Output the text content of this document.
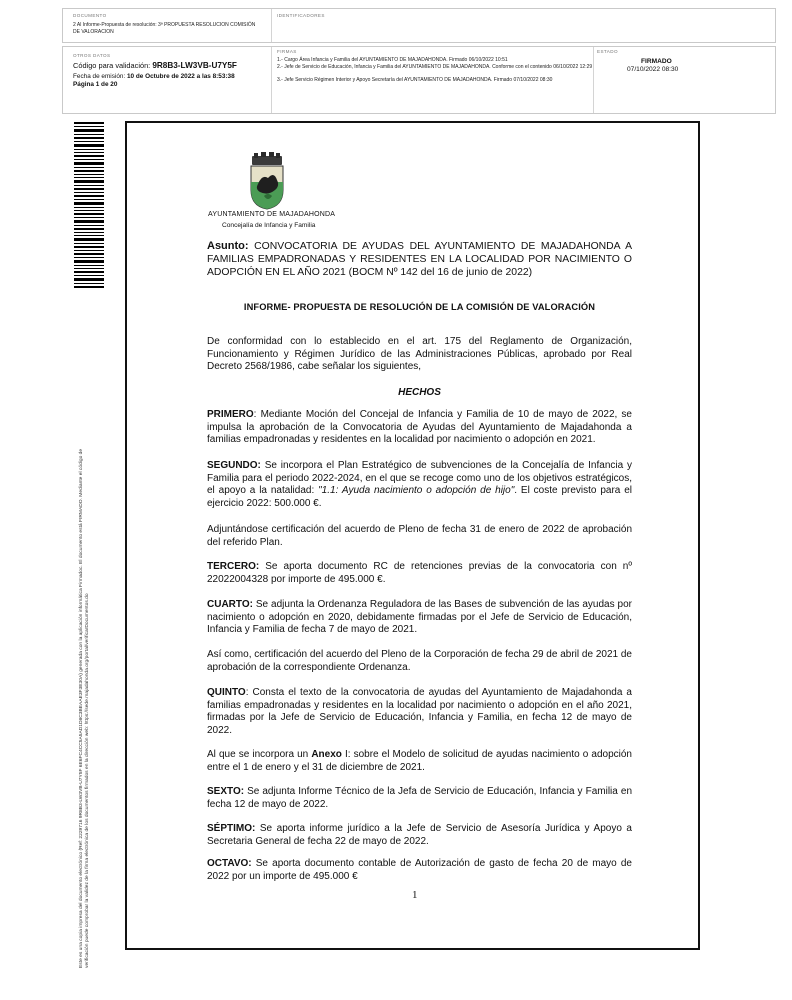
DOCUMENTO
2 Al Informe-Propuesta de resolución: 3ª PROPUESTA RESOLUCION COMISIÓN DE VALORACION
IDENTIFICADORES
OTROS DATOS
Código para validación: 9R8B3-LW3VB-U7Y5F
Fecha de emisión: 10 de Octubre de 2022 a las 8:53:38
Página 1 de 20
FIRMAS
1.- Cargo Área Infancia y Familia del AYUNTAMIENTO DE MAJADAHONDA. Firmado 06/10/2022 10:51
2.- Jefe de Servicio de Educación, Infancia y Familia del AYUNTAMIENTO DE MAJADAHONDA. Conforme con el contenido 06/10/2022 12:29
3.- Jefe Servicio Régimen Interior y Apoyo Secretaría del AYUNTAMIENTO DE MAJADAHONDA. Firmado 07/10/2022 08:30
ESTADO
FIRMADO
07/10/2022 08:30
Este es una copia impresa del documento electrónico (Ref: 2229716 9R8B3-LW3VB-U7Y5F 6E6FC4CC5A5AD1D8C3BEAAE3F3E30A) generada con la aplicación informática Firmadoc. El documento está FIRMADO. Mediante el código de verificación puede comprobar la validez de la firma electrónica de los documentos firmados en la dirección web: https://sede.majadahonda.org/portal/verificarDocumentos.do
AYUNTAMIENTO DE MAJADAHONDA
Concejalía de Infancia y Familia
Asunto: CONVOCATORIA DE AYUDAS DEL AYUNTAMIENTO DE MAJADAHONDA A FAMILIAS EMPADRONADAS Y RESIDENTES EN LA LOCALIDAD POR NACIMIENTO O ADOPCIÓN EN EL AÑO 2021 (BOCM Nº 142 del 16 de junio de 2022)
INFORME- PROPUESTA DE RESOLUCIÓN DE LA COMISIÓN DE VALORACIÓN
De conformidad con lo establecido en el art. 175 del Reglamento de Organización, Funcionamiento y Régimen Jurídico de las Administraciones Públicas, aprobado por Real Decreto 2568/1986, cabe señalar los siguientes,
HECHOS
PRIMERO: Mediante Moción del Concejal de Infancia y Familia de 10 de mayo de 2022, se impulsa la aprobación de la Convocatoria de Ayudas del Ayuntamiento de Majadahonda a familias empadronadas y residentes en la localidad por nacimiento o adopción en 2021.
SEGUNDO: Se incorpora el Plan Estratégico de subvenciones de la Concejalía de Infancia y Familia para el periodo 2022-2024, en el que se recoge como uno de los objetivos estratégicos, el apoyo a la natalidad: "1.1: Ayuda nacimiento o adopción de hijo". El coste previsto para el ejercicio 2022: 500.000 €.
Adjuntándose certificación del acuerdo de Pleno de fecha 31 de enero de 2022 de aprobación del referido Plan.
TERCERO: Se aporta documento RC de retenciones previas de la convocatoria con nº 22022004328 por importe de 495.000 €.
CUARTO: Se adjunta la Ordenanza Reguladora de las Bases de subvención de las ayudas por nacimiento o adopción en 2020, debidamente firmadas por el Jefe de Servicio de Educación, Infancia y Familia de fecha 7 de mayo de 2021.
Así como, certificación del acuerdo del Pleno de la Corporación de fecha 29 de abril de 2021 de aprobación de la correspondiente Ordenanza.
QUINTO: Consta el texto de la convocatoria de ayudas del Ayuntamiento de Majadahonda a familias empadronadas y residentes en la localidad por nacimiento o adopción en el año 2021, firmadas por la Jefe de Servicio de Educación, Infancia y Familia, en fecha 12 de mayo de 2022.
Al que se incorpora un Anexo I: sobre el Modelo de solicitud de ayudas nacimiento o adopción entre el 1 de enero y el 31 de diciembre de 2021.
SEXTO: Se adjunta Informe Técnico de la Jefa de Servicio de Educación, Infancia y Familia en fecha 12 de mayo de 2022.
SÉPTIMO: Se aporta informe jurídico a la Jefe de Servicio de Asesoría Jurídica y Apoyo a Secretaria General de fecha 22 de mayo de 2022.
OCTAVO: Se aporta documento contable de Autorización de gasto de fecha 20 de mayo de 2022 por un importe de 495.000 €
1
